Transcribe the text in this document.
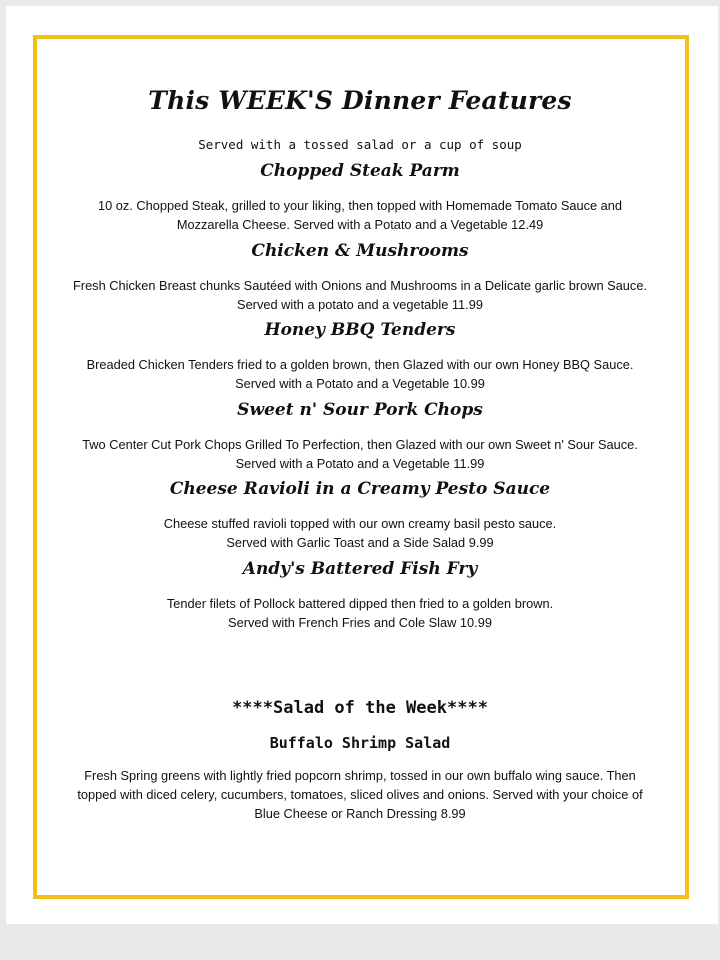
This WEEK'S Dinner Features
Served with a tossed salad or a cup of soup
Chopped Steak Parm
10 oz. Chopped Steak, grilled to your liking, then topped with Homemade Tomato Sauce and
Mozzarella Cheese. Served with a Potato and a Vegetable 12.49
Chicken & Mushrooms
Fresh Chicken Breast chunks Sautéed with Onions and Mushrooms in a Delicate garlic brown Sauce.
Served with a potato and a vegetable 11.99
Honey BBQ Tenders
Breaded Chicken Tenders fried to a golden brown, then Glazed with our own Honey BBQ Sauce.
Served with a Potato and a Vegetable 10.99
Sweet n' Sour Pork Chops
Two Center Cut Pork Chops Grilled To Perfection, then Glazed with our own Sweet n' Sour Sauce.
Served with a Potato and a Vegetable 11.99
Cheese Ravioli in a Creamy Pesto Sauce
Cheese stuffed ravioli topped with our own creamy basil pesto sauce.
Served with Garlic Toast and a Side Salad 9.99
Andy's Battered Fish Fry
Tender filets of Pollock battered dipped then fried to a golden brown.
Served with French Fries and Cole Slaw 10.99
****Salad of the Week****
Buffalo Shrimp Salad
Fresh Spring greens with lightly fried popcorn shrimp, tossed in our own buffalo wing sauce. Then
topped with diced celery, cucumbers, tomatoes, sliced olives and onions. Served with your choice of
Blue Cheese or Ranch Dressing 8.99
